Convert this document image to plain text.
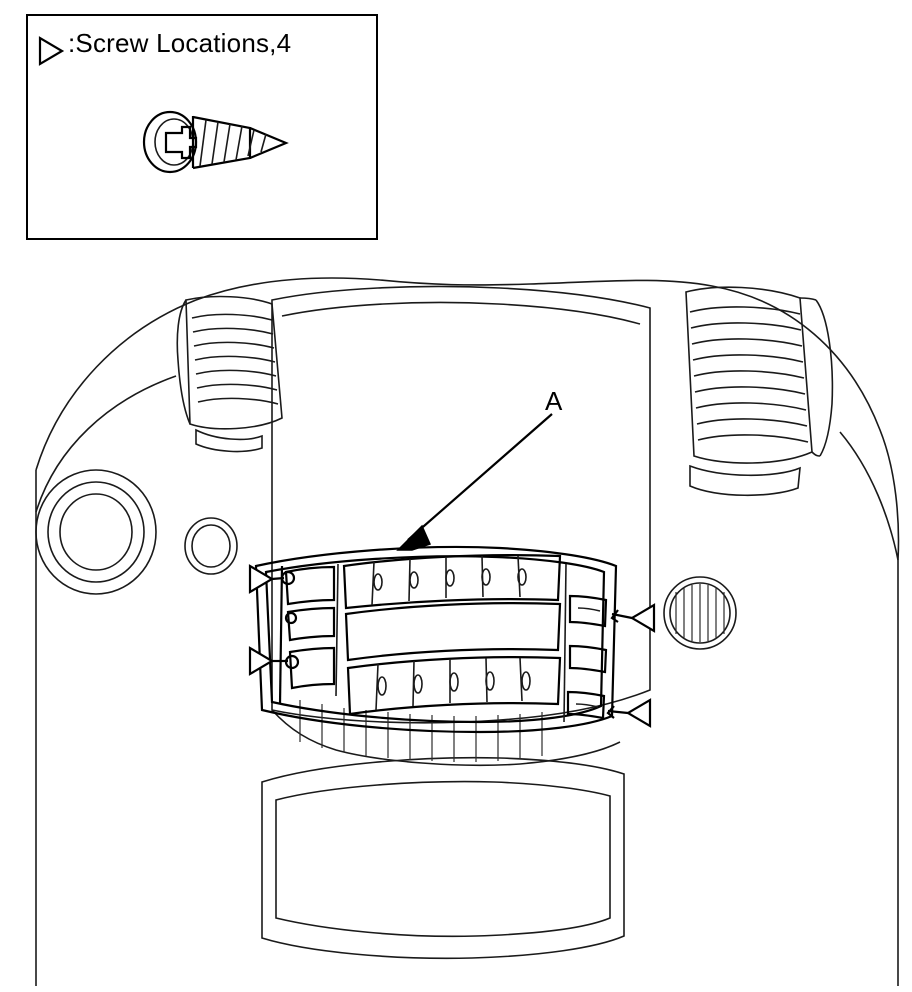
:Screw Locations,4
A
